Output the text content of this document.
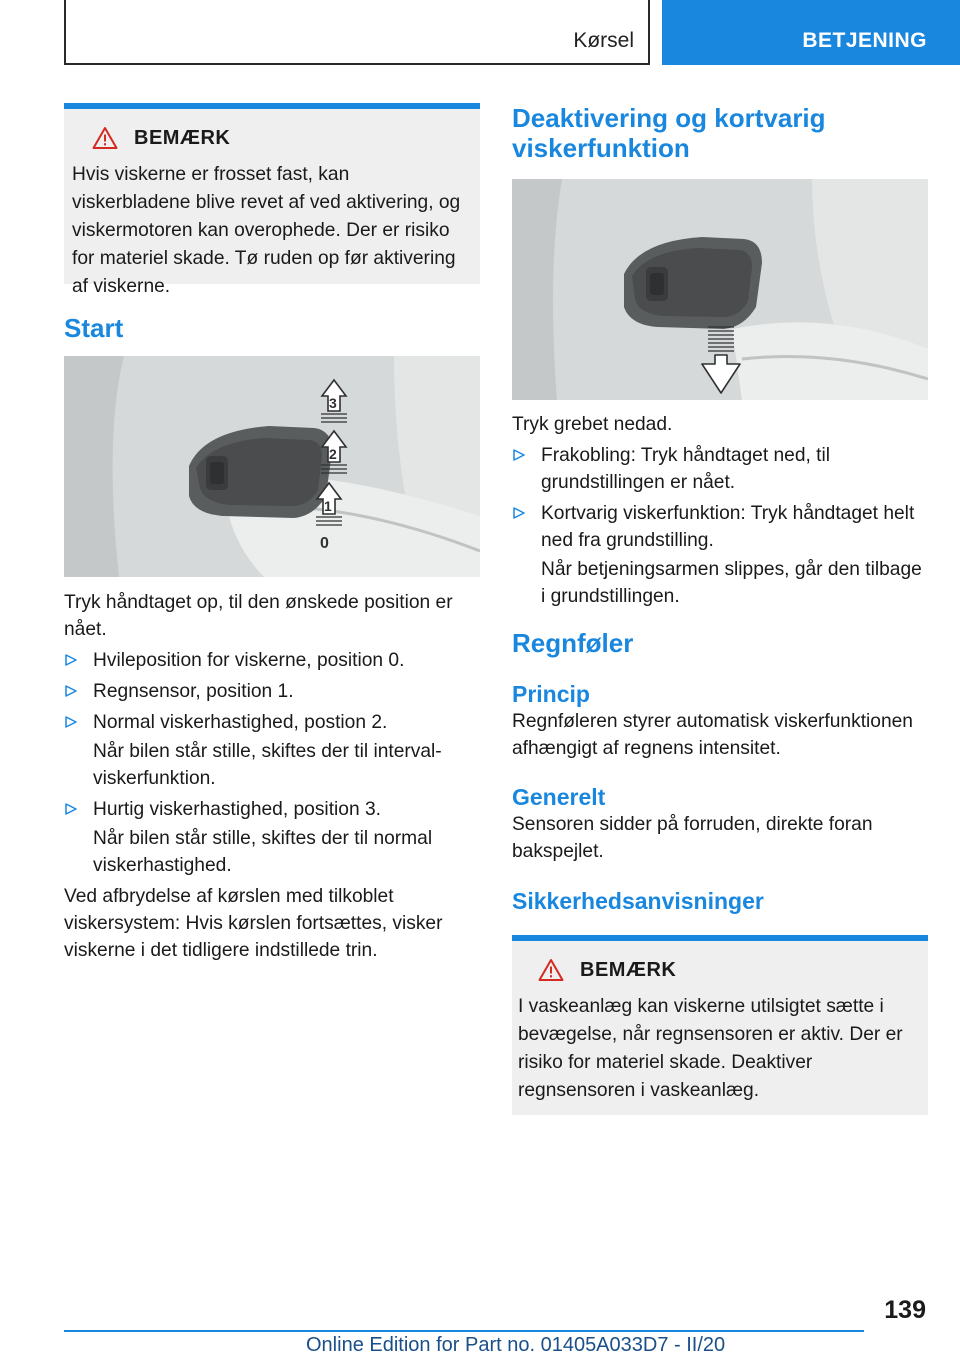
Kørsel	BETJENING
BEMÆRK
Hvis viskerne er frosset fast, kan viskerbladene blive revet af ved aktivering, og viskermotoren kan overophede. Der er risiko for materiel skade. Tø ruden op før aktivering af viskerne.
Start
3
2
1
0

Tryk håndtaget op, til den ønskede position er nået.

Hvileposition for viskerne, position 0.
Regnsensor, position 1.
Normal viskerhastighed, postion 2.
Når bilen står stille, skiftes der til interval-viskerfunktion.
Hurtig viskerhastighed, position 3.
Når bilen står stille, skiftes der til normal viskerhastighed.

Ved afbrydelse af kørslen med tilkoblet viskersystem: Hvis kørslen fortsættes, visker viskerne i det tidligere indstillede trin.

Deaktivering og kortvarig viskerfunktion

Tryk grebet nedad.

Frakobling: Tryk håndtaget ned, til grundstillingen er nået.
Kortvarig viskerfunktion: Tryk håndtaget helt ned fra grundstilling.
Når betjeningsarmen slippes, går den tilbage i grundstillingen.
Regnføler
Princip

Regnføleren styrer automatisk viskerfunktionen afhængigt af regnens intensitet.

Generelt

Sensoren sidder på forruden, direkte foran bakspejlet.

Sikkerhedsanvisninger
BEMÆRK
I vaskeanlæg kan viskerne utilsigtet sætte i bevægelse, når regnsensoren er aktiv. Der er risiko for materiel skade. Deaktiver regnsensoren i vaskeanlæg.
139
Online Edition for Part no. 01405A033D7 - II/20
